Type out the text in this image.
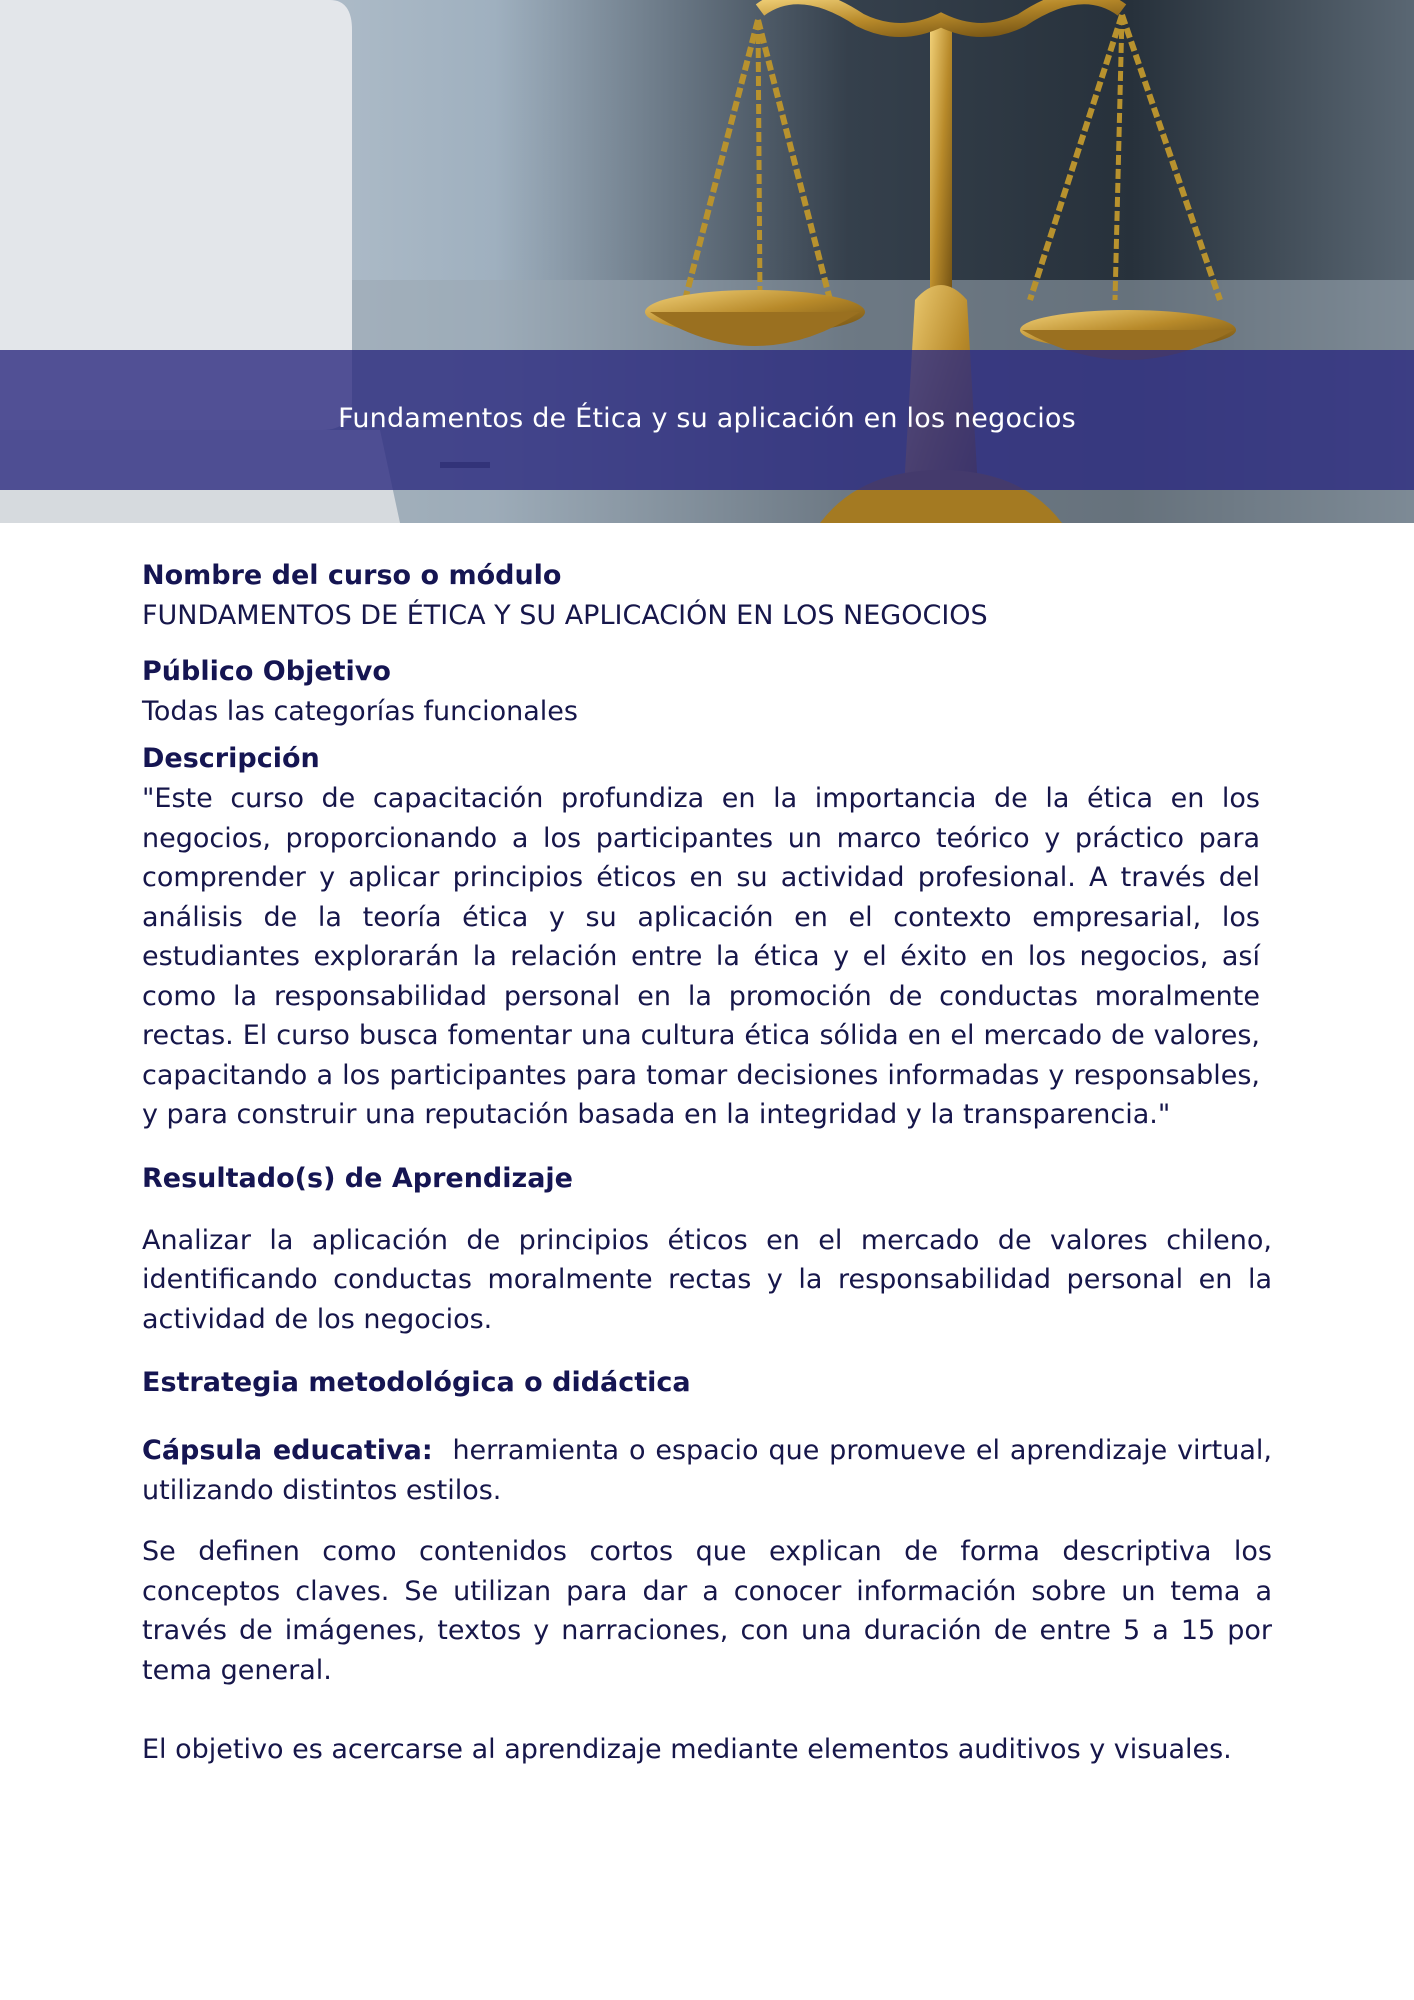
Fundamentos de Ética y su aplicación en los negocios

Nombre del curso o módulo

FUNDAMENTOS DE ÉTICA Y SU APLICACIÓN EN LOS NEGOCIOS

Público Objetivo

Todas las categorías funcionales

Descripción

"Este curso de capacitación profundiza en la importancia de la ética en los negocios, proporcionando a los participantes un marco teórico y práctico para comprender y aplicar principios éticos en su actividad profesional. A través del análisis de la teoría ética y su aplicación en el contexto empresarial, los estudiantes explorarán la relación entre la ética y el éxito en los negocios, así como la responsabilidad personal en la promoción de conductas moralmente rectas. El curso busca fomentar una cultura ética sólida en el mercado de valores, capacitando a los participantes para tomar decisiones informadas y responsables, y para construir una reputación basada en la integridad y la transparencia."

Resultado(s) de Aprendizaje

Analizar la aplicación de principios éticos en el mercado de valores chileno, identificando conductas moralmente rectas y la responsabilidad personal en la actividad de los negocios.

Estrategia metodológica o didáctica

Cápsula educativa: herramienta o espacio que promueve el aprendizaje virtual, utilizando distintos estilos.

Se definen como contenidos cortos que explican de forma descriptiva los conceptos claves. Se utilizan para dar a conocer información sobre un tema a través de imágenes, textos y narraciones, con una duración de entre 5 a 15 por tema general.

El objetivo es acercarse al aprendizaje mediante elementos auditivos y visuales.
